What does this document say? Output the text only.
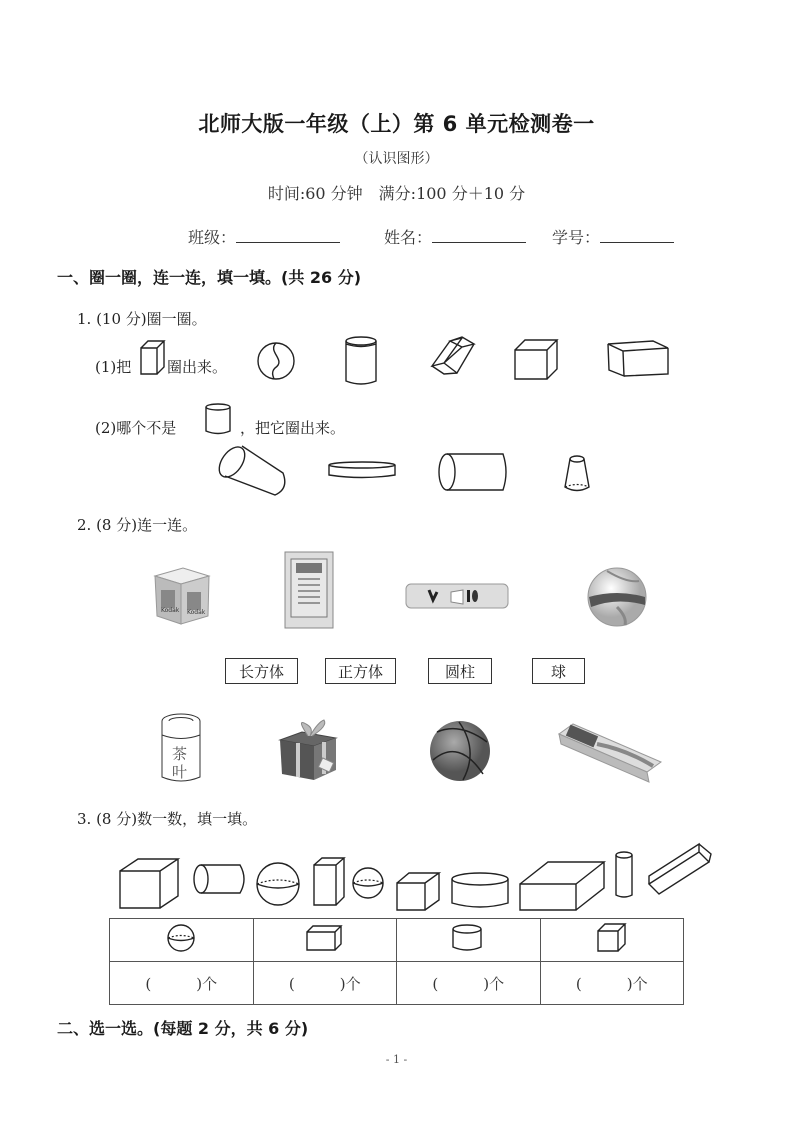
北师大版一年级（上）第 6 单元检测卷一
（认识图形）
时间:60 分钟　满分:100 分＋10 分
班级：	姓名：	学号：
一、圈一圈，连一连，填一填。(共 26 分)
1. (10 分)圈一圈。
(1)把 圈出来。
(2)哪个不是	，把它圈出来。
2. (8 分)连一连。
Kodak Kodak
长方体	正方体	圆柱	球
茶
叶
3. (8 分)数一数，填一填。

(　　　)个	(　　　)个	(　　　)个	(　　　)个
二、选一选。(每题 2 分，共 6 分)
- 1 -
